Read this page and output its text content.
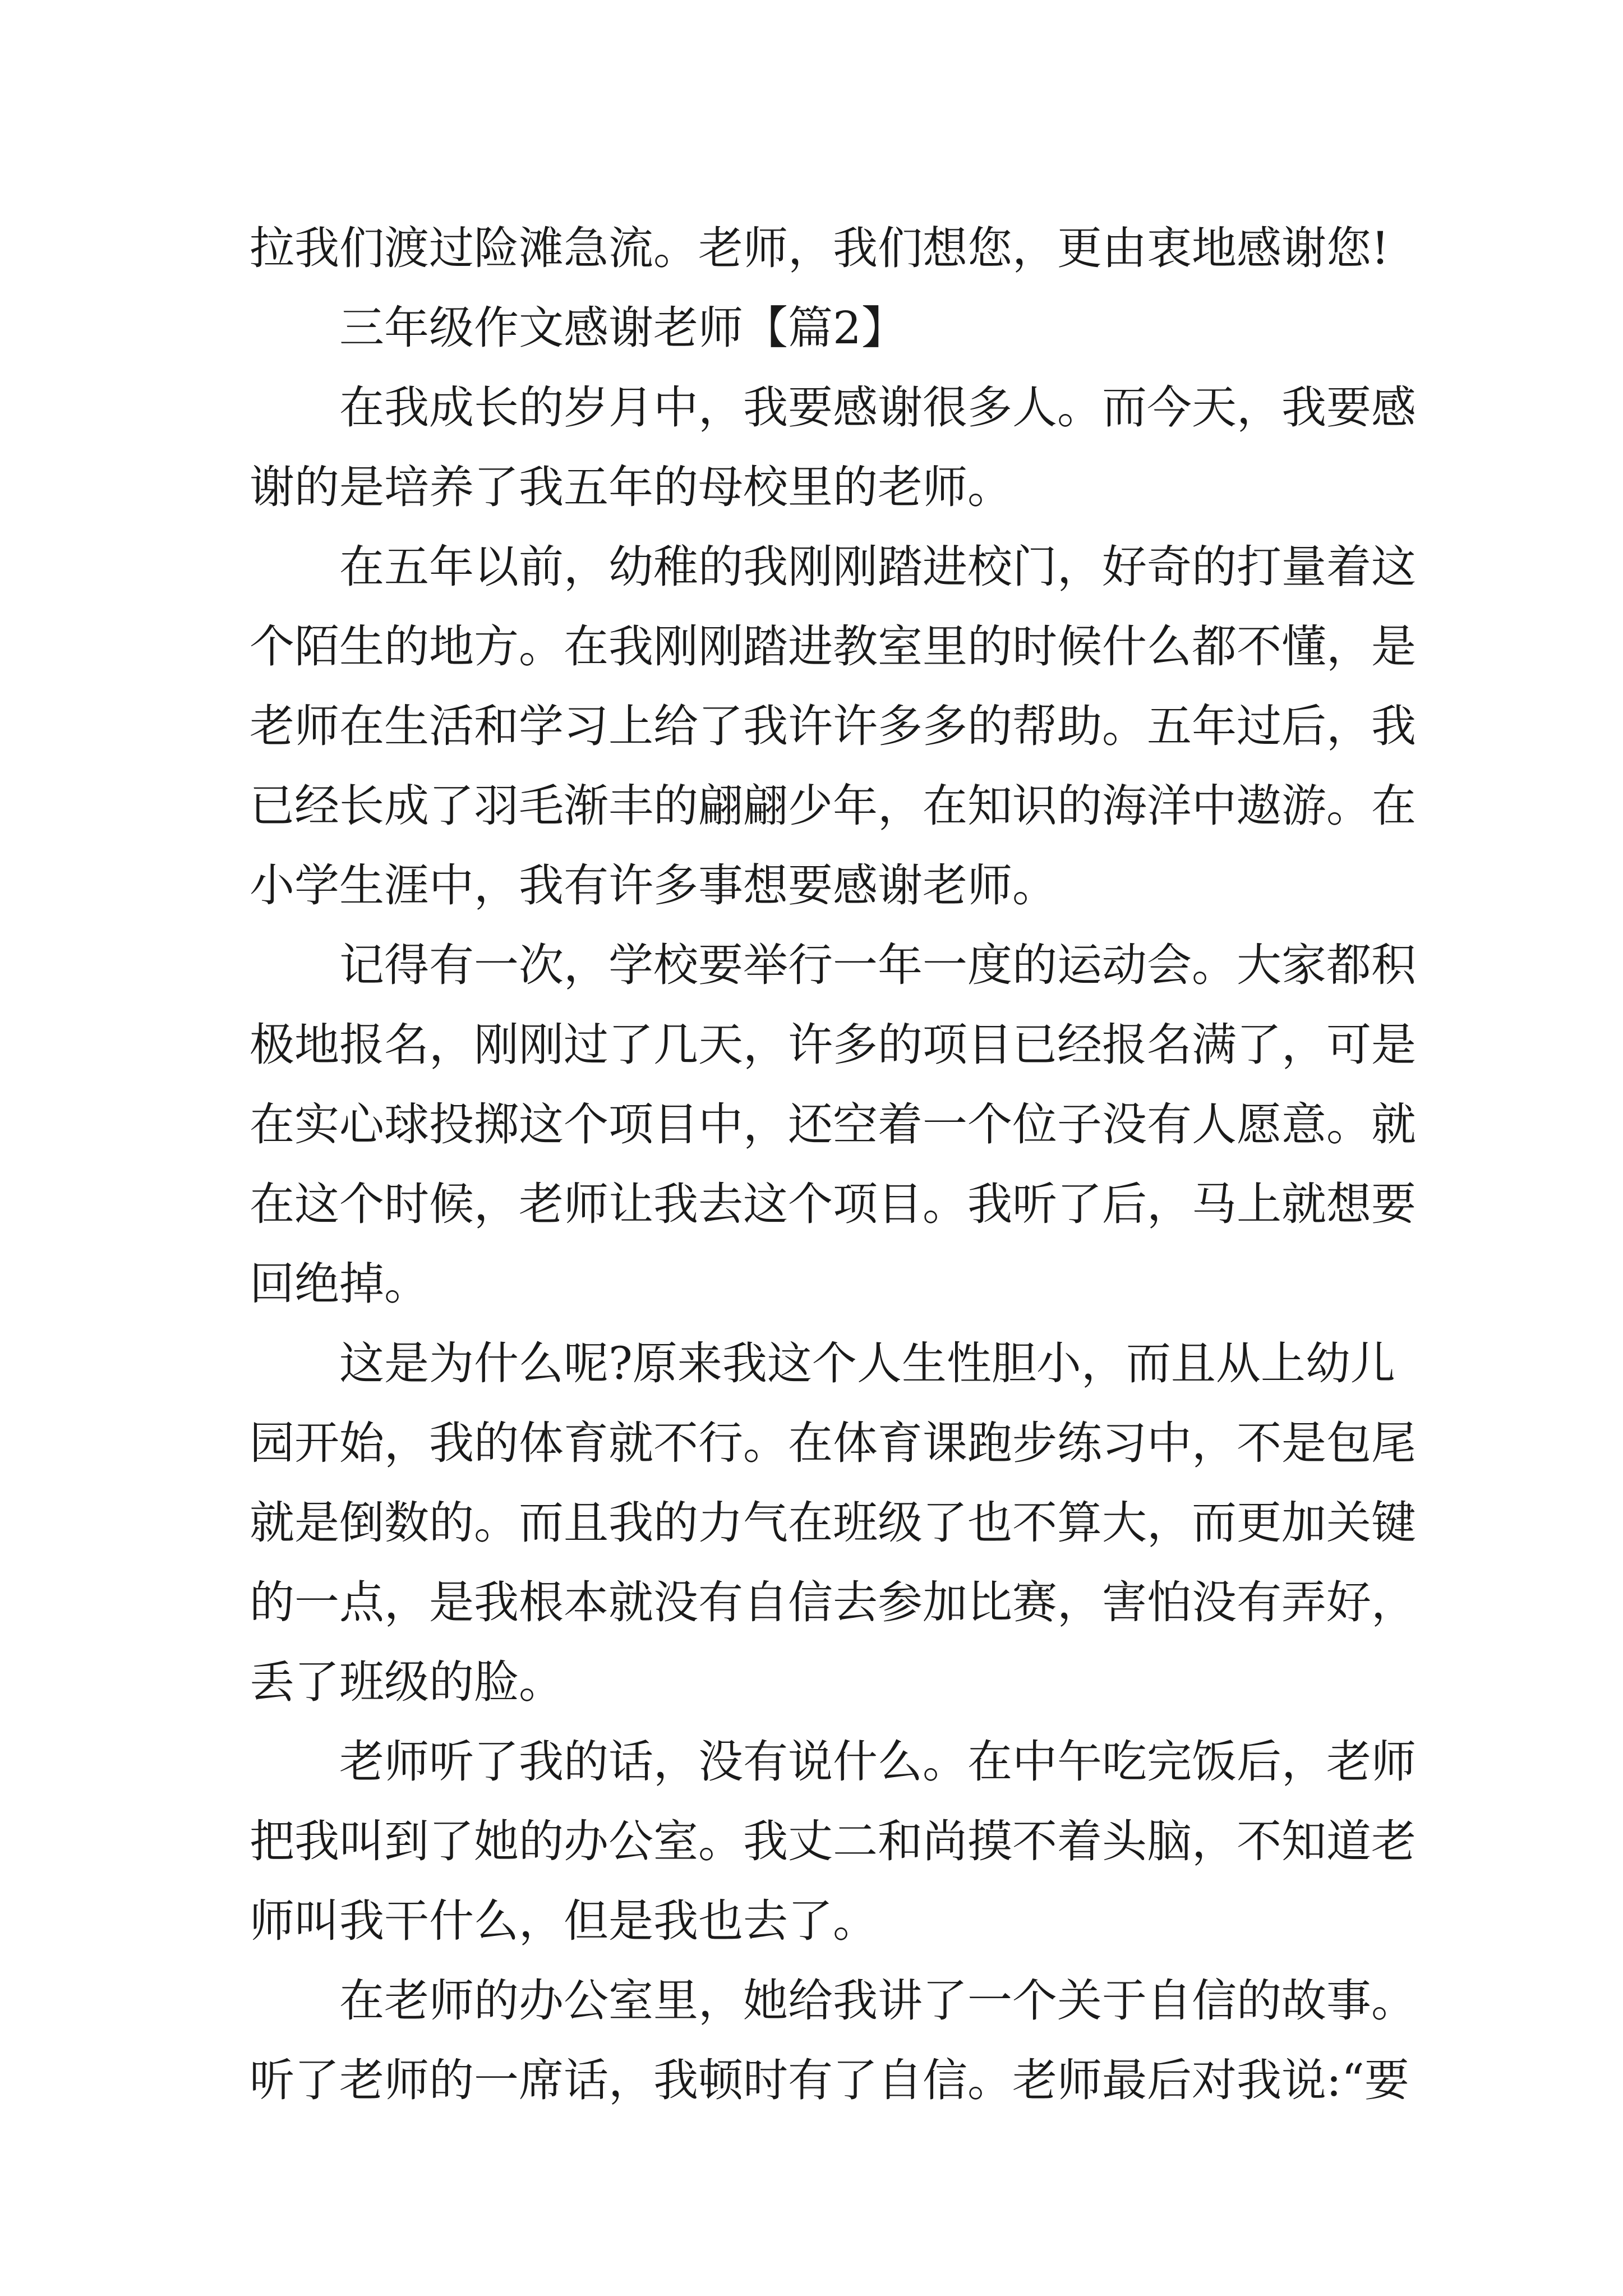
拉我们渡过险滩急流。老师，我们想您，更由衷地感谢您!
三年级作文感谢老师【篇2】
在我成长的岁月中，我要感谢很多人。而今天，我要感
谢的是培养了我五年的母校里的老师。
在五年以前，幼稚的我刚刚踏进校门，好奇的打量着这
个陌生的地方。在我刚刚踏进教室里的时候什么都不懂，是
老师在生活和学习上给了我许许多多的帮助。五年过后，我
已经长成了羽毛渐丰的翩翩少年，在知识的海洋中遨游。在
小学生涯中，我有许多事想要感谢老师。
记得有一次，学校要举行一年一度的运动会。大家都积
极地报名，刚刚过了几天，许多的项目已经报名满了，可是
在实心球投掷这个项目中，还空着一个位子没有人愿意。就
在这个时候，老师让我去这个项目。我听了后，马上就想要
回绝掉。
这是为什么呢?原来我这个人生性胆小，而且从上幼儿
园开始，我的体育就不行。在体育课跑步练习中，不是包尾
就是倒数的。而且我的力气在班级了也不算大，而更加关键
的一点，是我根本就没有自信去参加比赛，害怕没有弄好，
丢了班级的脸。
老师听了我的话，没有说什么。在中午吃完饭后，老师
把我叫到了她的办公室。我丈二和尚摸不着头脑，不知道老
师叫我干什么，但是我也去了。
在老师的办公室里，她给我讲了一个关于自信的故事。
听了老师的一席话，我顿时有了自信。老师最后对我说:“要
